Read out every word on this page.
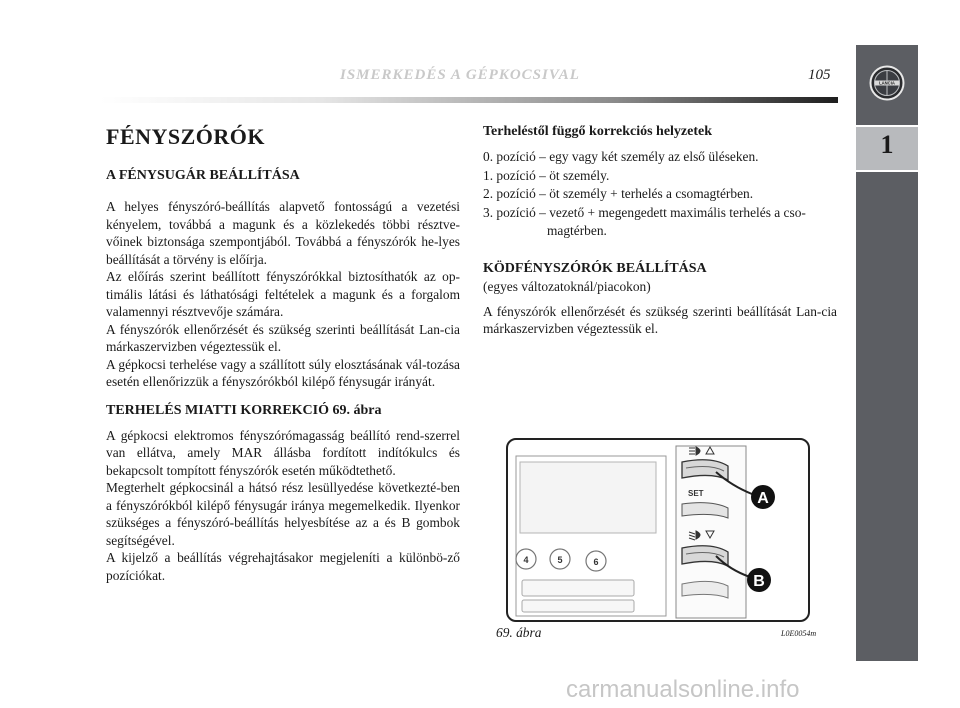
ISMERKEDÉS A GÉPKOCSIVAL	105
LANCIA
1
FÉNYSZÓRÓK
A FÉNYSUGÁR BEÁLLÍTÁSA

A helyes fényszóró-beállítás alapvető fontosságú a vezetési kényelem, továbbá a magunk és a közlekedés többi résztve-vőinek biztonsága szempontjából. Továbbá a fényszórók he-lyes beállítását a törvény is előírja.

Az előírás szerint beállított fényszórókkal biztosíthatók az op-timális látási és láthatósági feltételek a magunk és a forgalom valamennyi résztvevője számára.

A fényszórók ellenőrzését és szükség szerinti beállítását Lan-cia márkaszervizben végeztessük el.

A gépkocsi terhelése vagy a szállított súly elosztásának vál-tozása esetén ellenőrizzük a fényszórókból kilépő fénysugár irányát.

TERHELÉS MIATTI KORREKCIÓ 69. ábra

A gépkocsi elektromos fényszórómagasság beállító rend-szerrel van ellátva, amely MAR állásba fordított indítókulcs és bekapcsolt tompított fényszórók esetén működtethető.

Megterhelt gépkocsinál a hátsó rész lesüllyedése következté-ben a fényszórókból kilépő fénysugár iránya megemelkedik. Ilyenkor szükséges a fényszóró-beállítás helyesbítése az a és B gombok segítségével.

A kijelző a beállítás végrehajtásakor megjeleníti a különbö-ző pozíciókat.

Terheléstől függő korrekciós helyzetek
0. pozíció – egy vagy két személy az első üléseken.
1. pozíció – öt személy.
2. pozíció – öt személy + terhelés a csomagtérben.
3. pozíció – vezető + megengedett maximális terhelés a cso-magtérben.
KÖDFÉNYSZÓRÓK BEÁLLÍTÁSA
(egyes változatoknál/piacokon)

A fényszórók ellenőrzését és szükség szerinti beállítását Lan-cia márkaszervizben végeztessük el.

4	5	6
SET	A
B
69. ábra	L0E0054m
carmanualsonline.info
